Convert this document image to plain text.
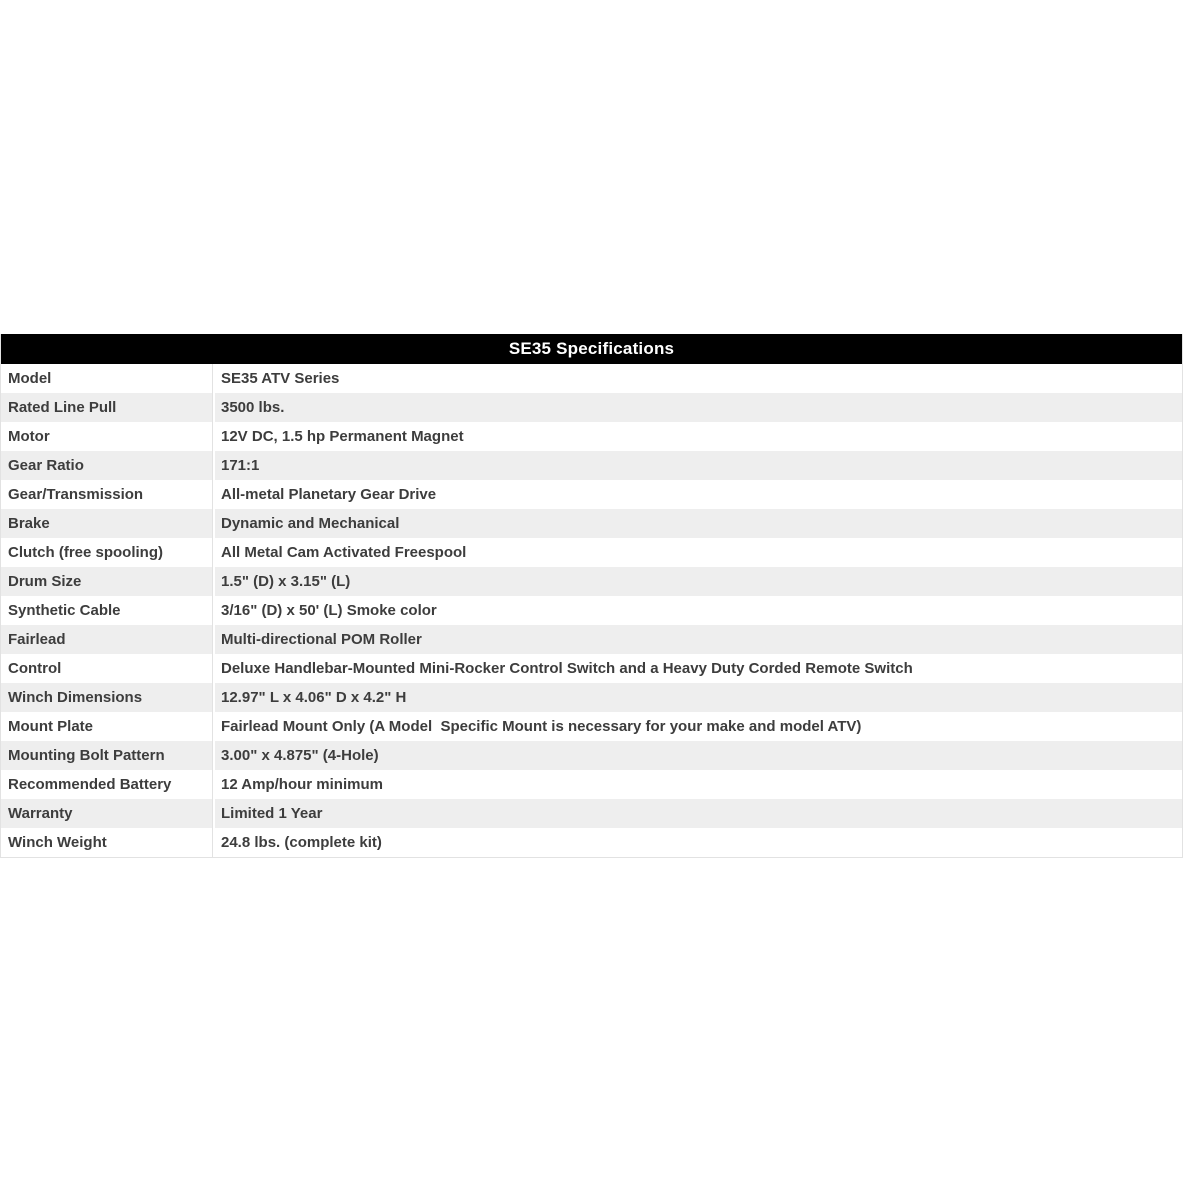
SE35 Specifications	
Model	SE35 ATV Series
Rated Line Pull	3500 lbs.
Motor	12V DC, 1.5 hp Permanent Magnet
Gear Ratio	171:1
Gear/Transmission	All-metal Planetary Gear Drive
Brake	Dynamic and Mechanical
Clutch (free spooling)	All Metal Cam Activated Freespool
Drum Size	1.5" (D) x 3.15" (L)
Synthetic Cable	3/16" (D) x 50' (L) Smoke color
Fairlead	Multi-directional POM Roller
Control	Deluxe Handlebar-Mounted Mini-Rocker Control Switch and a Heavy Duty Corded Remote Switch
Winch Dimensions	12.97" L x 4.06" D x 4.2" H
Mount Plate	Fairlead Mount Only (A Model  Specific Mount is necessary for your make and model ATV)
Mounting Bolt Pattern	3.00" x 4.875" (4-Hole)
Recommended Battery	12 Amp/hour minimum
Warranty	Limited 1 Year
Winch Weight	24.8 lbs. (complete kit)
